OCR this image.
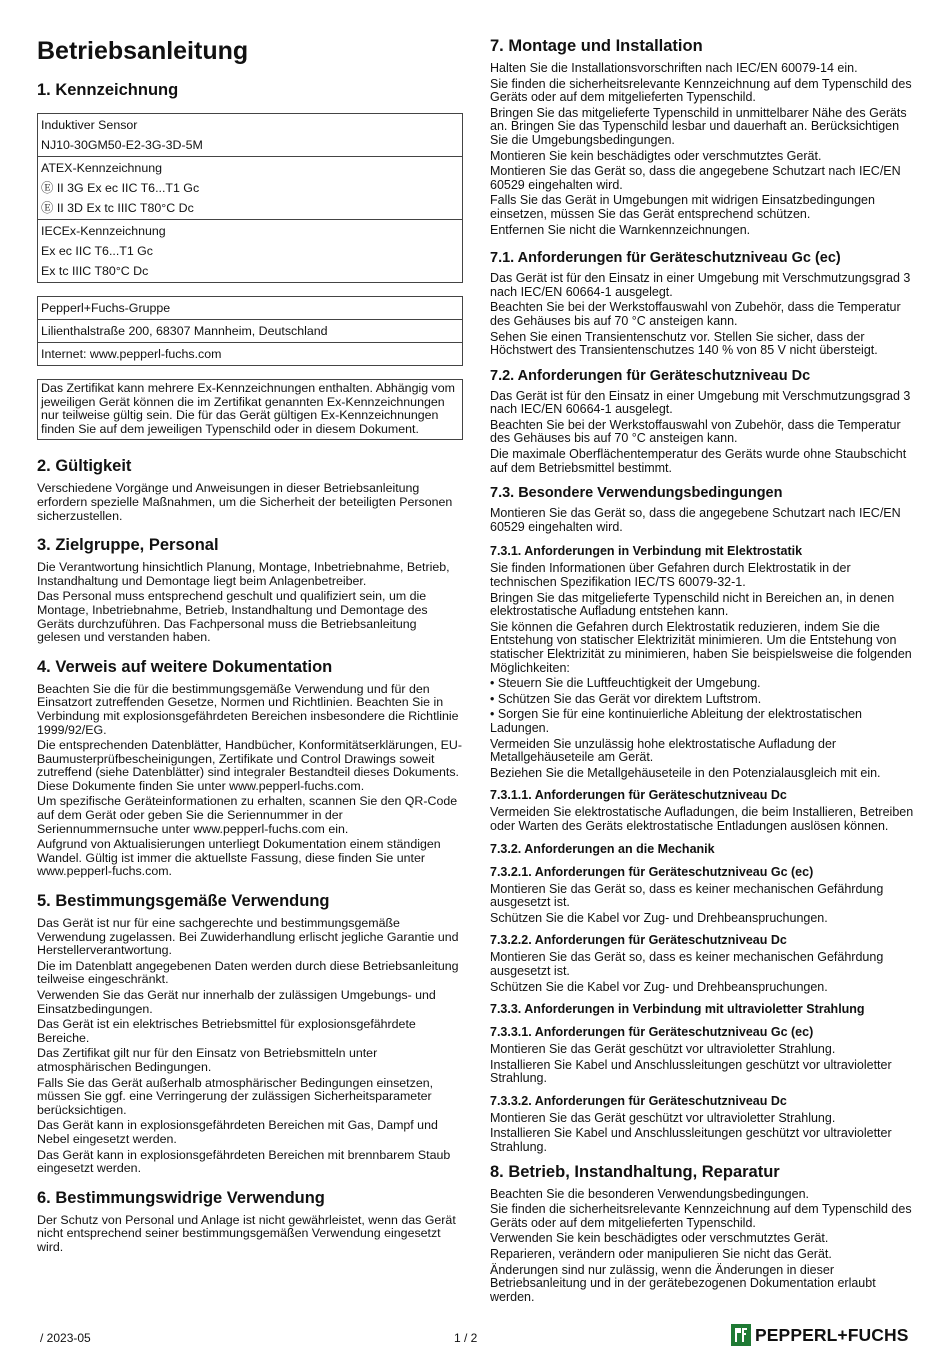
Betriebsanleitung
1. Kennzeichnung
Induktiver Sensor
NJ10-30GM50-E2-3G-3D-5M
ATEX-Kennzeichnung
Ⓔ II 3G Ex ec IIC T6...T1 Gc
Ⓔ II 3D Ex tc IIIC T80°C Dc
IECEx-Kennzeichnung
Ex ec IIC T6...T1 Gc
Ex tc IIIC T80°C Dc
Pepperl+Fuchs-Gruppe
Lilienthalstraße 200, 68307 Mannheim, Deutschland
Internet: www.pepperl-fuchs.com

Das Zertifikat kann mehrere Ex-Kennzeichnungen enthalten. Abhängig vom jeweiligen Gerät können die im Zertifikat genannten Ex-Kennzeichnungen nur teilweise gültig sein. Die für das Gerät gültigen Ex-Kennzeichnungen finden Sie auf dem jeweiligen Typenschild oder in diesem Dokument.

2. Gültigkeit

Verschiedene Vorgänge und Anweisungen in dieser Betriebsanleitung erfordern spezielle Maßnahmen, um die Sicherheit der beteiligten Personen sicherzustellen.

3. Zielgruppe, Personal

Die Verantwortung hinsichtlich Planung, Montage, Inbetriebnahme, Betrieb, Instandhaltung und Demontage liegt beim Anlagenbetreiber.

Das Personal muss entsprechend geschult und qualifiziert sein, um die Montage, Inbetriebnahme, Betrieb, Instandhaltung und Demontage des Geräts durchzuführen. Das Fachpersonal muss die Betriebsanleitung gelesen und verstanden haben.

4. Verweis auf weitere Dokumentation

Beachten Sie die für die bestimmungsgemäße Verwendung und für den Einsatzort zutreffenden Gesetze, Normen und Richtlinien. Beachten Sie in Verbindung mit explosionsgefährdeten Bereichen insbesondere die Richtlinie 1999/92/EG.

Die entsprechenden Datenblätter, Handbücher, Konformitätserklärungen, EU-Baumusterprüfbescheinigungen, Zertifikate und Control Drawings soweit zutreffend (siehe Datenblätter) sind integraler Bestandteil dieses Dokuments. Diese Dokumente finden Sie unter www.pepperl-fuchs.com.

Um spezifische Geräteinformationen zu erhalten, scannen Sie den QR-Code auf dem Gerät oder geben Sie die Seriennummer in der Seriennummernsuche unter www.pepperl-fuchs.com ein.

Aufgrund von Aktualisierungen unterliegt Dokumentation einem ständigen Wandel. Gültig ist immer die aktuellste Fassung, diese finden Sie unter www.pepperl-fuchs.com.

5. Bestimmungsgemäße Verwendung

Das Gerät ist nur für eine sachgerechte und bestimmungsgemäße Verwendung zugelassen. Bei Zuwiderhandlung erlischt jegliche Garantie und Herstellerverantwortung.

Die im Datenblatt angegebenen Daten werden durch diese Betriebsanleitung teilweise eingeschränkt.

Verwenden Sie das Gerät nur innerhalb der zulässigen Umgebungs- und Einsatzbedingungen.

Das Gerät ist ein elektrisches Betriebsmittel für explosionsgefährdete Bereiche.

Das Zertifikat gilt nur für den Einsatz von Betriebsmitteln unter atmosphärischen Bedingungen.

Falls Sie das Gerät außerhalb atmosphärischer Bedingungen einsetzen, müssen Sie ggf. eine Verringerung der zulässigen Sicherheitsparameter berücksichtigen.

Das Gerät kann in explosionsgefährdeten Bereichen mit Gas, Dampf und Nebel eingesetzt werden.

Das Gerät kann in explosionsgefährdeten Bereichen mit brennbarem Staub eingesetzt werden.

6. Bestimmungswidrige Verwendung

Der Schutz von Personal und Anlage ist nicht gewährleistet, wenn das Gerät nicht entsprechend seiner bestimmungsgemäßen Verwendung eingesetzt wird.

7. Montage und Installation

Halten Sie die Installationsvorschriften nach IEC/EN 60079-14 ein.

Sie finden die sicherheitsrelevante Kennzeichnung auf dem Typenschild des Geräts oder auf dem mitgelieferten Typenschild.

Bringen Sie das mitgelieferte Typenschild in unmittelbarer Nähe des Geräts an. Bringen Sie das Typenschild lesbar und dauerhaft an. Berücksichtigen Sie die Umgebungsbedingungen.

Montieren Sie kein beschädigtes oder verschmutztes Gerät.

Montieren Sie das Gerät so, dass die angegebene Schutzart nach IEC/EN 60529 eingehalten wird.

Falls Sie das Gerät in Umgebungen mit widrigen Einsatzbedingungen einsetzen, müssen Sie das Gerät entsprechend schützen.

Entfernen Sie nicht die Warnkennzeichnungen.

7.1. Anforderungen für Geräteschutzniveau Gc (ec)

Das Gerät ist für den Einsatz in einer Umgebung mit Verschmutzungsgrad 3 nach IEC/EN 60664-1 ausgelegt.

Beachten Sie bei der Werkstoffauswahl von Zubehör, dass die Temperatur des Gehäuses bis auf 70 °C ansteigen kann.

Sehen Sie einen Transientenschutz vor. Stellen Sie sicher, dass der Höchstwert des Transientenschutzes 140 % von 85 V nicht übersteigt.

7.2. Anforderungen für Geräteschutzniveau Dc

Das Gerät ist für den Einsatz in einer Umgebung mit Verschmutzungsgrad 3 nach IEC/EN 60664-1 ausgelegt.

Beachten Sie bei der Werkstoffauswahl von Zubehör, dass die Temperatur des Gehäuses bis auf 70 °C ansteigen kann.

Die maximale Oberflächentemperatur des Geräts wurde ohne Staubschicht auf dem Betriebsmittel bestimmt.

7.3. Besondere Verwendungsbedingungen

Montieren Sie das Gerät so, dass die angegebene Schutzart nach IEC/EN 60529 eingehalten wird.

7.3.1. Anforderungen in Verbindung mit Elektrostatik

Sie finden Informationen über Gefahren durch Elektrostatik in der technischen Spezifikation IEC/TS 60079-32-1.

Bringen Sie das mitgelieferte Typenschild nicht in Bereichen an, in denen elektrostatische Aufladung entstehen kann.

Sie können die Gefahren durch Elektrostatik reduzieren, indem Sie die Entstehung von statischer Elektrizität minimieren. Um die Entstehung von statischer Elektrizität zu minimieren, haben Sie beispielsweise die folgenden Möglichkeiten:

• Steuern Sie die Luftfeuchtigkeit der Umgebung.

• Schützen Sie das Gerät vor direktem Luftstrom.

• Sorgen Sie für eine kontinuierliche Ableitung der elektrostatischen Ladungen.

Vermeiden Sie unzulässig hohe elektrostatische Aufladung der Metallgehäuseteile am Gerät.

Beziehen Sie die Metallgehäuseteile in den Potenzialausgleich mit ein.

7.3.1.1. Anforderungen für Geräteschutzniveau Dc

Vermeiden Sie elektrostatische Aufladungen, die beim Installieren, Betreiben oder Warten des Geräts elektrostatische Entladungen auslösen können.

7.3.2. Anforderungen an die Mechanik
7.3.2.1. Anforderungen für Geräteschutzniveau Gc (ec)

Montieren Sie das Gerät so, dass es keiner mechanischen Gefährdung ausgesetzt ist.

Schützen Sie die Kabel vor Zug- und Drehbeanspruchungen.

7.3.2.2. Anforderungen für Geräteschutzniveau Dc

Montieren Sie das Gerät so, dass es keiner mechanischen Gefährdung ausgesetzt ist.

Schützen Sie die Kabel vor Zug- und Drehbeanspruchungen.

7.3.3. Anforderungen in Verbindung mit ultravioletter Strahlung
7.3.3.1. Anforderungen für Geräteschutzniveau Gc (ec)

Montieren Sie das Gerät geschützt vor ultravioletter Strahlung.

Installieren Sie Kabel und Anschlussleitungen geschützt vor ultravioletter Strahlung.

7.3.3.2. Anforderungen für Geräteschutzniveau Dc

Montieren Sie das Gerät geschützt vor ultravioletter Strahlung.

Installieren Sie Kabel und Anschlussleitungen geschützt vor ultravioletter Strahlung.

8. Betrieb, Instandhaltung, Reparatur

Beachten Sie die besonderen Verwendungsbedingungen.

Sie finden die sicherheitsrelevante Kennzeichnung auf dem Typenschild des Geräts oder auf dem mitgelieferten Typenschild.

Verwenden Sie kein beschädigtes oder verschmutztes Gerät.

Reparieren, verändern oder manipulieren Sie nicht das Gerät.

Änderungen sind nur zulässig, wenn die Änderungen in dieser Betriebsanleitung und in der gerätebezogenen Dokumentation erlaubt werden.

/ 2023-05	1 / 2	PEPPERL+FUCHS
